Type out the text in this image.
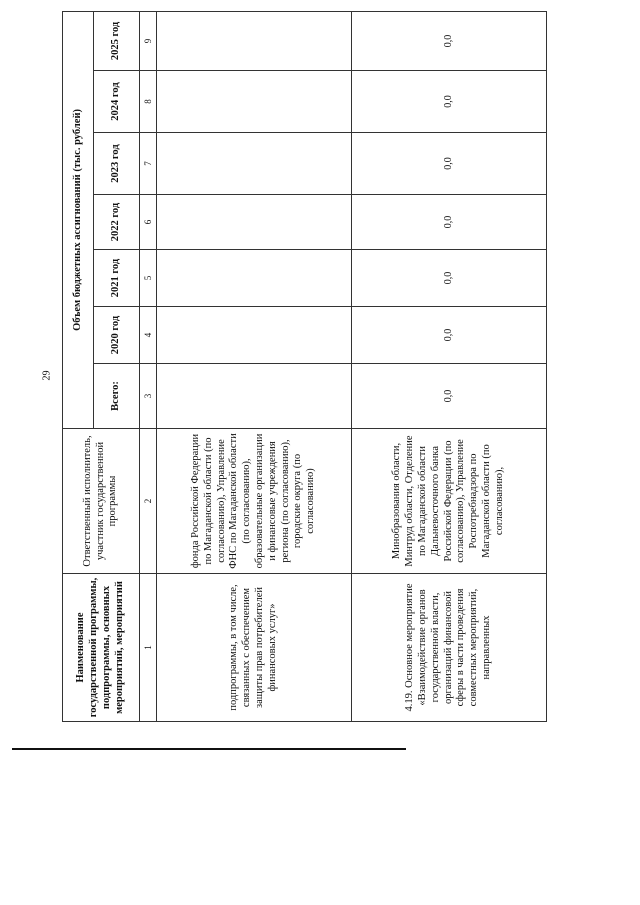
29
Наименование государственной программы, подпрограммы, основных мероприятий, мероприятий	Ответственный исполнитель, участник государственной программы	Объем бюджетных ассигнований (тыс. рублей)						
		Всего:	2020 год	2021 год	2022 год	2023 год	2024 год	2025 год
1	2	3	4	5	6	7	8	9
подпрограммы, в том числе, связанных с обеспечением защиты прав потребителей финансовых услуг»	фонда Российской Федерации по Магаданской области (по согласованию), Управление ФНС по Магаданской области (по согласованию), образовательные организации и финансовые учреждения региона (по согласованию), городские округа (по согласованию)							
4.19. Основное мероприятие «Взаимодействие органов государственной власти, организаций финансовой сферы в части проведения совместных мероприятий, направленных	Минобразования области, Минтруд области, Отделение по Магаданской области Дальневосточного банка Российской Федерации (по согласованию), Управление Роспотребнадзора по Магаданской области (по согласованию),	0,0	0,0	0,0	0,0	0,0	0,0	0,0
